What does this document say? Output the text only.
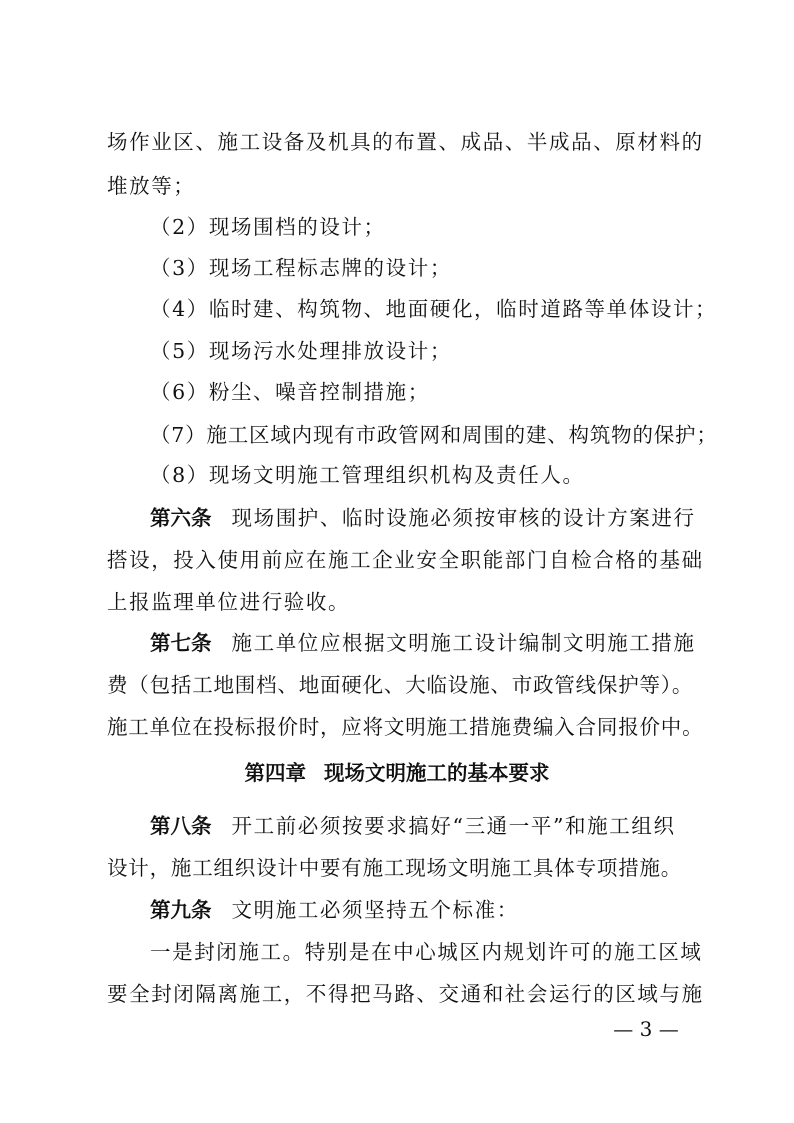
场作业区、施工设备及机具的布置、成品、半成品、原材料的
堆放等；
（2）现场围档的设计；
（3）现场工程标志牌的设计；
（4）临时建、构筑物、地面硬化，临时道路等单体设计；
（5）现场污水处理排放设计；
（6）粉尘、噪音控制措施；
（7）施工区域内现有市政管网和周围的建、构筑物的保护；
（8）现场文明施工管理组织机构及责任人。
第六条 现场围护、临时设施必须按审核的设计方案进行
搭设，投入使用前应在施工企业安全职能部门自检合格的基础
上报监理单位进行验收。
第七条 施工单位应根据文明施工设计编制文明施工措施
费（包括工地围档、地面硬化、大临设施、市政管线保护等）。
施工单位在投标报价时，应将文明施工措施费编入合同报价中。
第四章 现场文明施工的基本要求
第八条 开工前必须按要求搞好“三通一平”和施工组织
设计，施工组织设计中要有施工现场文明施工具体专项措施。
第九条 文明施工必须坚持五个标准：
一是封闭施工。特别是在中心城区内规划许可的施工区域
要全封闭隔离施工，不得把马路、交通和社会运行的区域与施
— 3 —
